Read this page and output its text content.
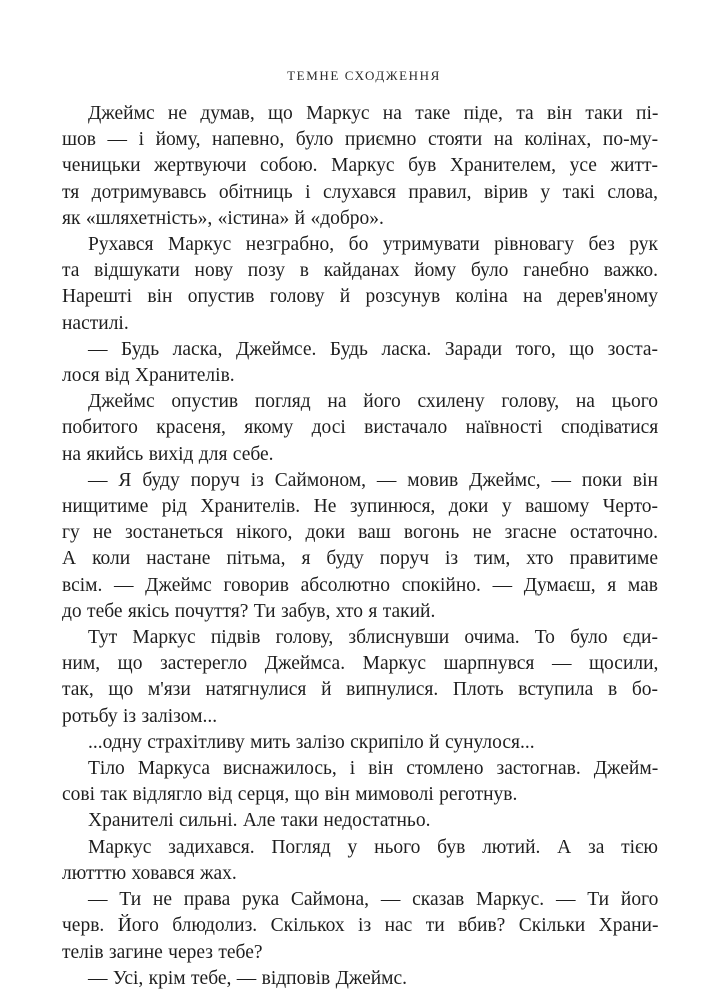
ТЕМНЕ СХОДЖЕННЯ

Джеймс не думав, що Маркус на таке піде, та він таки пі-
шов — і йому, напевно, було приємно стояти на колінах, по-му-
ченицьки жертвуючи собою. Маркус був Хранителем, усе житт-
тя дотримувавсь обітниць і слухався правил, вірив у такі слова,
як «шляхетність», «істина» й «добро».

Рухався Маркус незграбно, бо утримувати рівновагу без рук
та відшукати нову позу в кайданах йому було ганебно важко.
Нарешті він опустив голову й розсунув коліна на дерев'яному
настилі.

— Будь ласка, Джеймсе. Будь ласка. Заради того, що зоста-
лося від Хранителів.

Джеймс опустив погляд на його схилену голову, на цього
побитого красеня, якому досі вистачало наївності сподіватися
на якийсь вихід для себе.

— Я буду поруч із Саймоном, — мовив Джеймс, — поки він
нищитиме рід Хранителів. Не зупинюся, доки у вашому Черто-
гу не зостанеться нікого, доки ваш вогонь не згасне остаточно.
А коли настане пітьма, я буду поруч із тим, хто правитиме
всім. — Джеймс говорив абсолютно спокійно. — Думаєш, я мав
до тебе якісь почуття? Ти забув, хто я такий.

Тут Маркус підвів голову, зблиснувши очима. То було єди-
ним, що застерегло Джеймса. Маркус шарпнувся — щосили,
так, що м'язи натягнулися й випнулися. Плоть вступила в бо-
ротьбу із залізом...

...одну страхітливу мить залізо скрипіло й сунулося...

Тіло Маркуса виснажилось, і він стомлено застогнав. Джейм-
сові так відлягло від серця, що він мимоволі реготнув.

Хранителі сильні. Але таки недостатньо.

Маркус задихався. Погляд у нього був лютий. А за тією
лютттю ховався жах.

— Ти не права рука Саймона, — сказав Маркус. — Ти його
черв. Його блюдолиз. Скількох із нас ти вбив? Скільки Храни-
телів загине через тебе?

— Усі, крім тебе, — відповів Джеймс.
